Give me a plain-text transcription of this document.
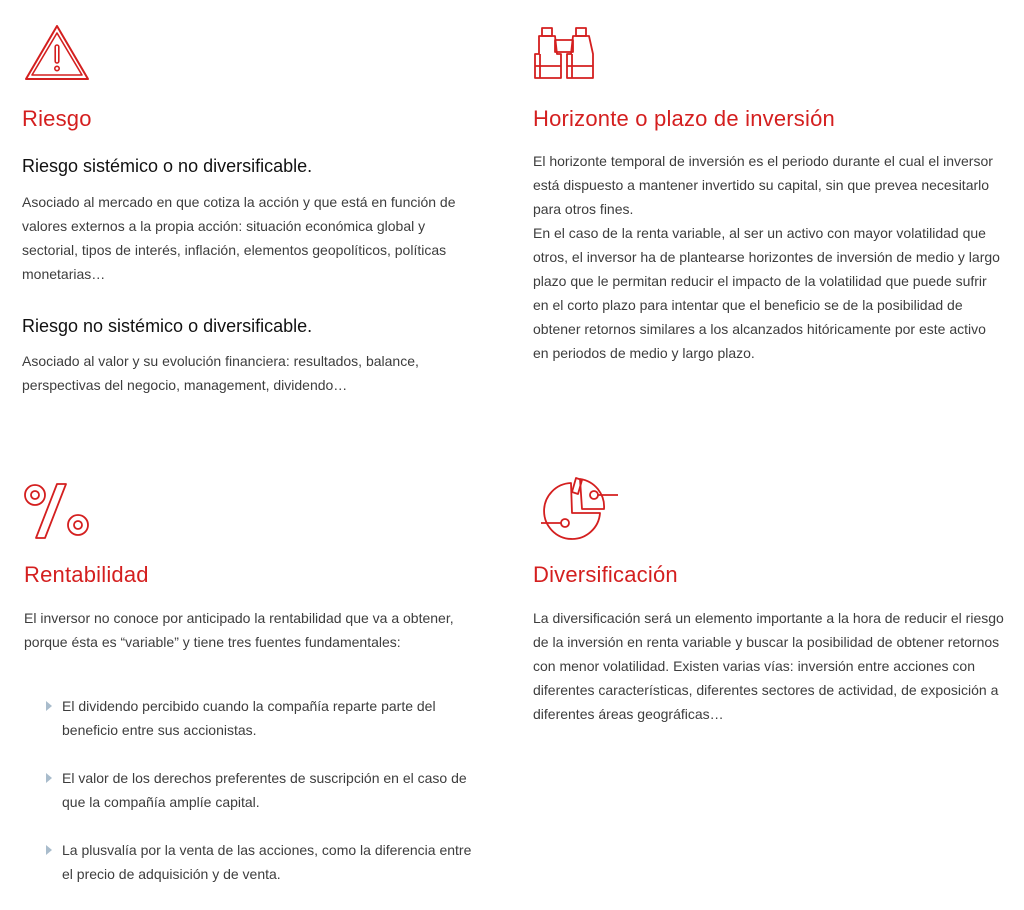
Riesgo
Riesgo sistémico o no diversificable.

Asociado al mercado en que cotiza la acción y que está en función de valores externos a la propia acción: situación económica global y sectorial, tipos de interés, inflación, elementos geopolíticos, políticas monetarias…

Riesgo no sistémico o diversificable.

Asociado al valor y su evolución financiera: resultados, balance, perspectivas del negocio, management, dividendo…

Horizonte o plazo de inversión
El horizonte temporal de inversión es el periodo durante el cual el inversor está dispuesto a mantener invertido su capital, sin que prevea necesitarlo para otros fines.
En el caso de la renta variable, al ser un activo con mayor volatilidad que otros, el inversor ha de plantearse horizontes de inversión de medio y largo plazo que le permitan reducir el impacto de la volatilidad que puede sufrir en el corto plazo para intentar que el beneficio se de la posibilidad de obtener retornos similares a los alcanzados hitóricamente por este activo en periodos de medio y largo plazo.
Rentabilidad

El inversor no conoce por anticipado la rentabilidad que va a obtener, porque ésta es “variable” y tiene tres fuentes fundamentales:

El dividendo percibido cuando la compañía reparte parte del beneficio entre sus accionistas.
El valor de los derechos preferentes de suscripción en el caso de que la compañía amplíe capital.
La plusvalía por la venta de las acciones, como la diferencia entre el precio de adquisición y de venta.
Diversificación

La diversificación será un elemento importante a la hora de reducir el riesgo de la inversión en renta variable y buscar la posibilidad de obtener retornos con menor volatilidad. Existen varias vías: inversión entre acciones con diferentes características, diferentes sectores de actividad, de exposición a diferentes áreas geográficas…
